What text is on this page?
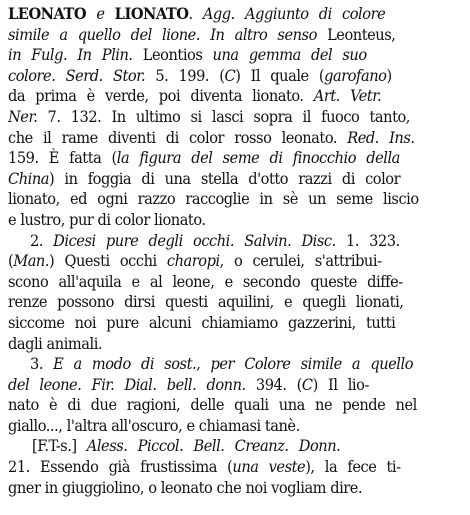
LEONATO e LIONATO. Agg. Aggiunto di colore
simile a quello del lione. In altro senso Leonteus,
in Fulg. In Plin. Leontios una gemma del suo
colore. Serd. Stor. 5. 199. (C) Il quale (garofano)
da prima è verde, poi diventa lionato. Art. Vetr.
Ner. 7. 132. In ultimo si lasci sopra il fuoco tanto,
che il rame diventi di color rosso leonato. Red. Ins.
159. È fatta (la figura del seme di finocchio della
China) in foggia di una stella d'otto razzi di color
lionato, ed ogni razzo raccoglie in sè un seme liscio
e lustro, pur di color lionato.
2. Dicesi pure degli occhi. Salvin. Disc. 1. 323.
(Man.) Questi occhi charopi, o cerulei, s'attribui-
scono all'aquila e al leone, e secondo queste diffe-
renze possono dirsi questi aquilini, e quegli lionati,
siccome noi pure alcuni chiamiamo gazzerini, tutti
dagli animali.
3. E a modo di sost., per Colore simile a quello
del leone. Fir. Dial. bell. donn. 394. (C) Il lio-
nato è di due ragioni, delle quali una ne pende nel
giallo..., l'altra all'oscuro, e chiamasi tanè.
[F.T-s.] Aless. Piccol. Bell. Creanz. Donn.
21. Essendo già frustissima (una veste), la fece ti-
gner in giuggiolino, o leonato che noi vogliam dire.
